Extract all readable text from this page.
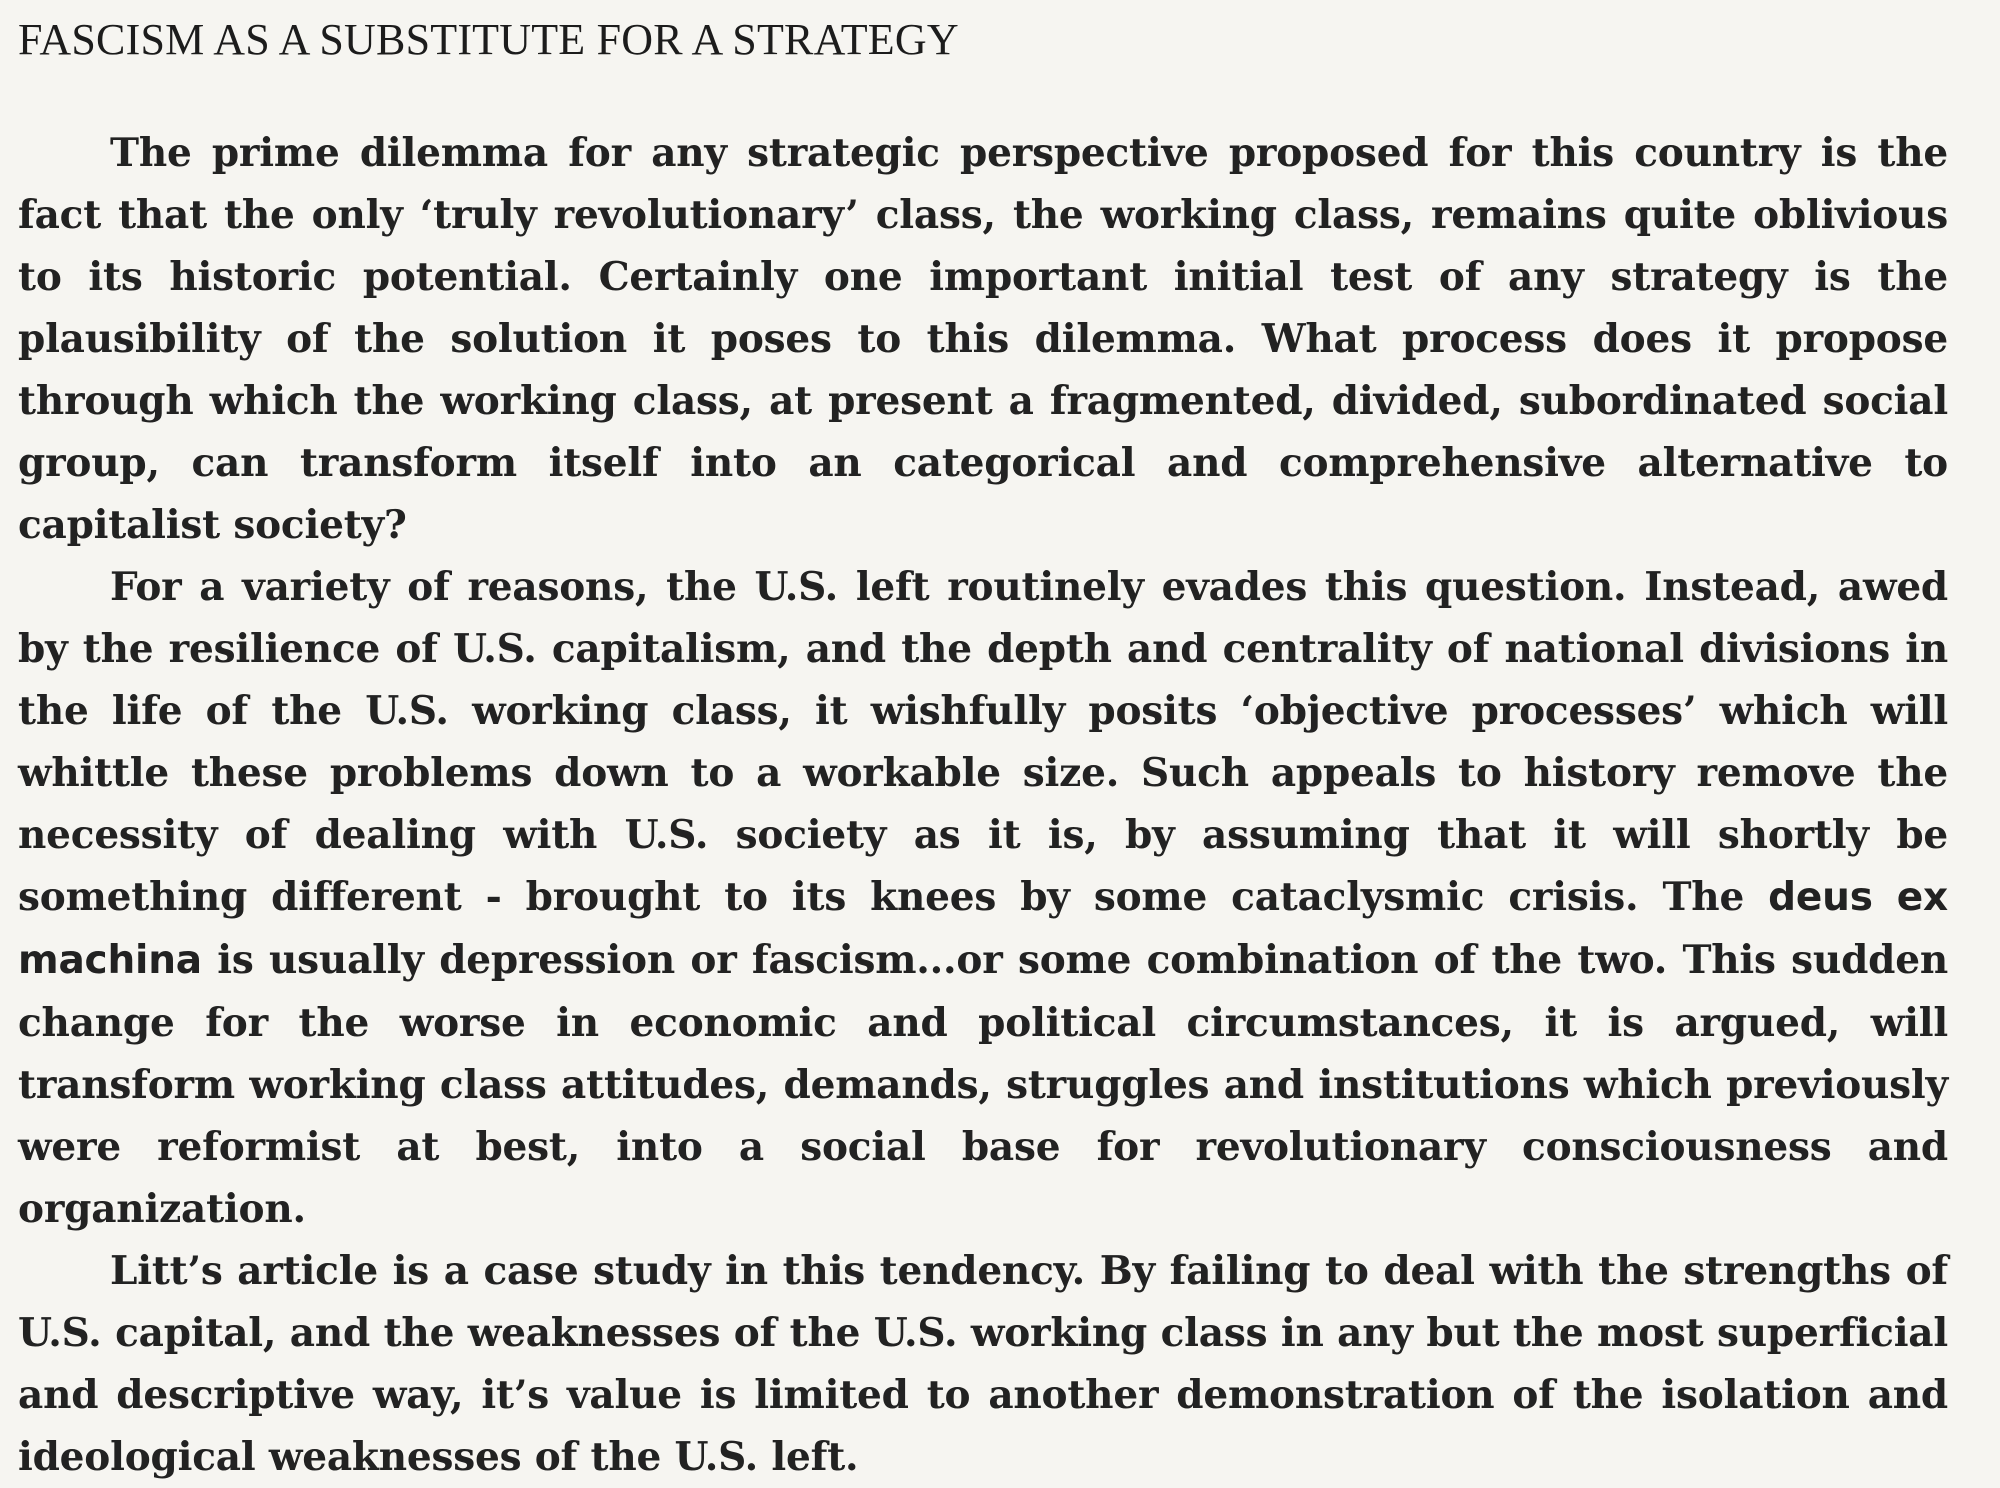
FASCISM AS A SUBSTITUTE FOR A STRATEGY

The prime dilemma for any strategic perspective proposed for this country is the fact that the only ‘truly revolutionary’ class, the working class, remains quite oblivious to its historic potential. Certainly one important initial test of any strategy is the plausibility of the solution it poses to this dilemma. What process does it propose through which the working class, at present a fragmented, divided, subordinated social group, can transform itself into an categorical and comprehensive alternative to capitalist society?

For a variety of reasons, the U.S. left routinely evades this question. Instead, awed by the resilience of U.S. capitalism, and the depth and centrality of national divisions in the life of the U.S. working class, it wishfully posits ‘objective processes’ which will whittle these problems down to a workable size. Such appeals to history remove the necessity of dealing with U.S. society as it is, by assuming that it will shortly be something different - brought to its knees by some cataclysmic crisis. The deus ex machina is usually depression or fascism...or some combination of the two. This sudden change for the worse in economic and political circumstances, it is argued, will transform working class attitudes, demands, struggles and institutions which previously were reformist at best, into a social base for revolutionary consciousness and organization.

Litt’s article is a case study in this tendency. By failing to deal with the strengths of U.S. capital, and the weaknesses of the U.S. working class in any but the most superficial and descriptive way, it’s value is limited to another demonstration of the isolation and ideological weaknesses of the U.S. left.
